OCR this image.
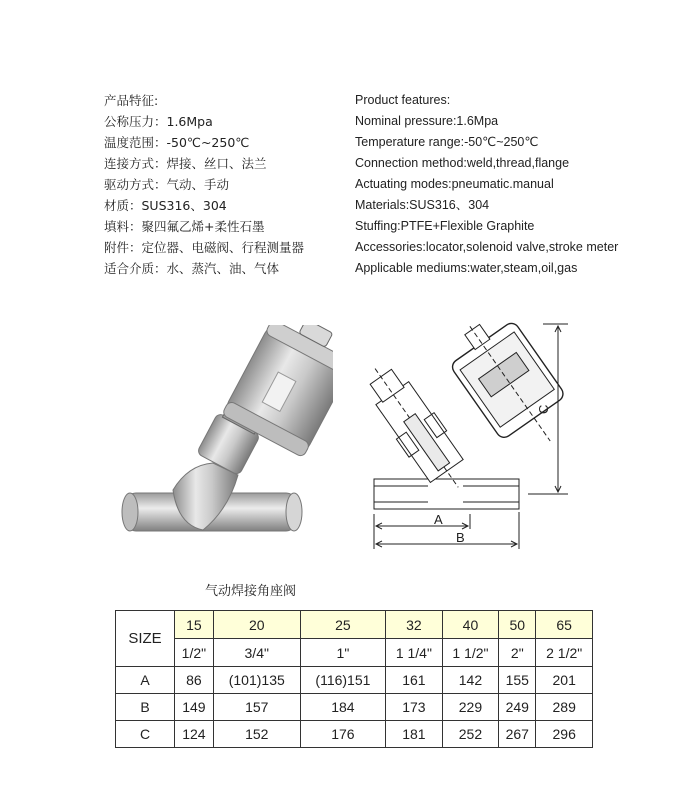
产品特征:
公称压力：1.6Mpa
温度范围：-50℃~250℃
连接方式：焊接、丝口、法兰
驱动方式：气动、手动
材质：SUS316、304
填料：聚四氟乙烯+柔性石墨
附件：定位器、电磁阀、行程测量器
适合介质：水、蒸汽、油、气体
Product features:
Nominal pressure:1.6Mpa
Temperature range:-50℃~250℃
Connection method:weld,thread,flange
Actuating modes:pneumatic.manual
Materials:SUS316、304
Stuffing:PTFE+Flexible Graphite
Accessories:locator,solenoid valve,stroke meter
Applicable mediums:water,steam,oil,gas
C
A
B
气动焊接角座阀
SIZE	15	20	25	32	40	50	65
	1/2"	3/4"	1"	1 1/4"	1 1/2"	2"	2 1/2"
A	86	(101)135	(116)151	161	142	155	201
B	149	157	184	173	229	249	289
C	124	152	176	181	252	267	296
